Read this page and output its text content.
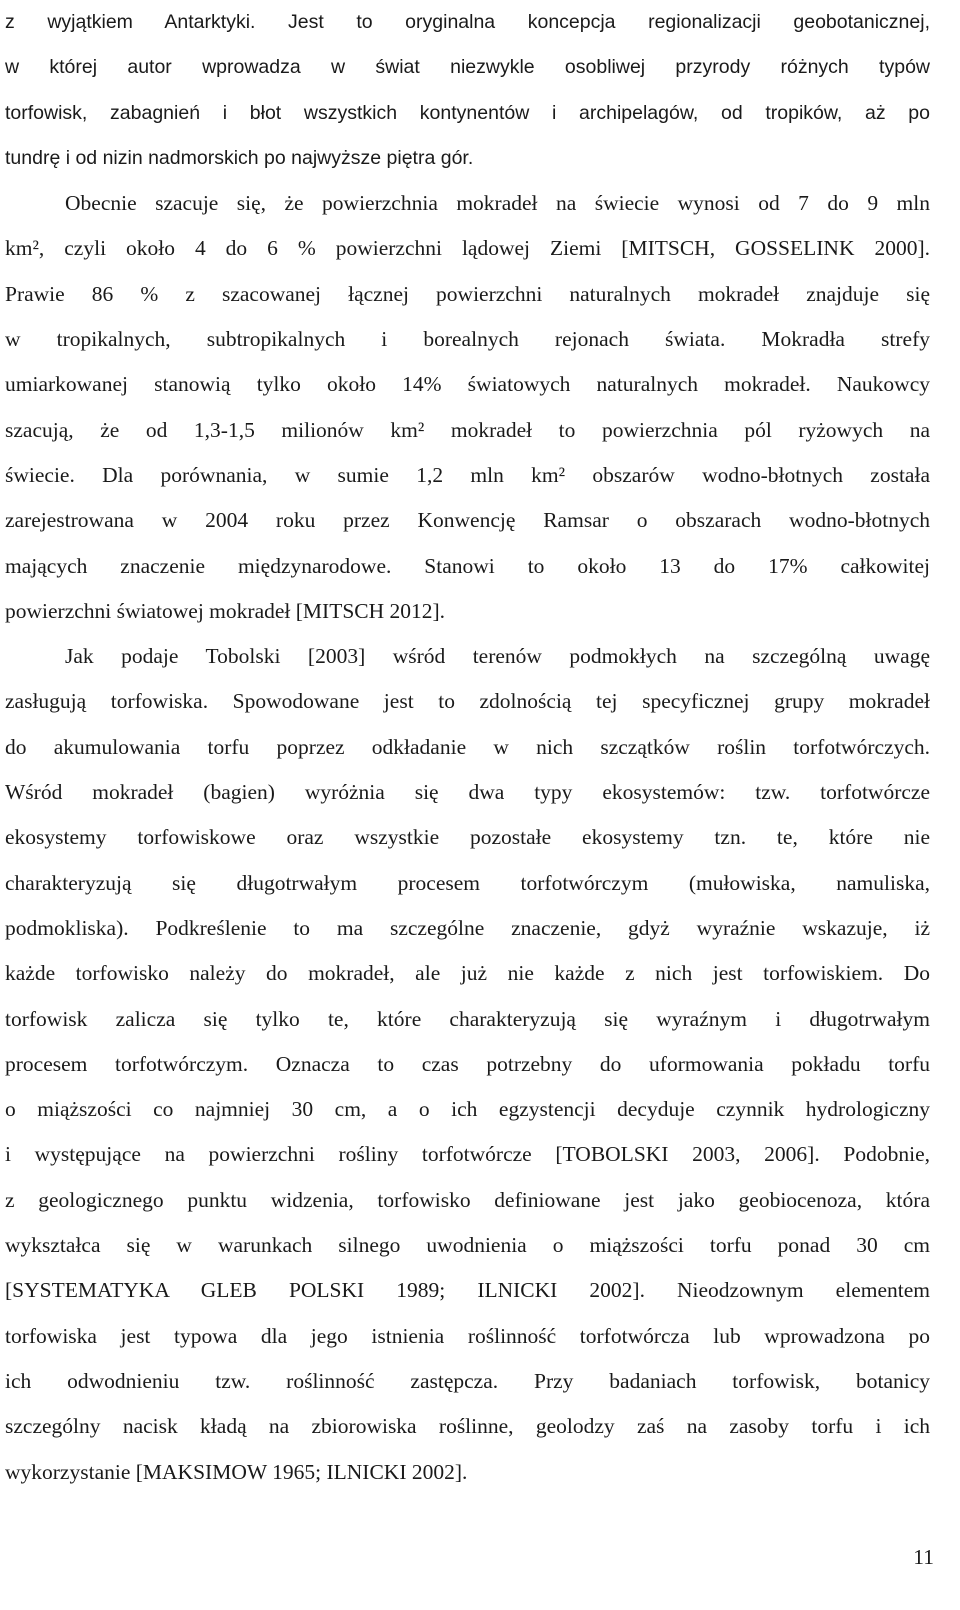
z wyjątkiem Antarktyki. Jest to oryginalna koncepcja regionalizacji geobotanicznej,
w której autor wprowadza w świat niezwykle osobliwej przyrody różnych typów
torfowisk, zabagnień i błot wszystkich kontynentów i archipelagów, od tropików, aż po
tundrę i od nizin nadmorskich po najwyższe piętra gór.
Obecnie szacuje się, że powierzchnia mokradeł na świecie wynosi od 7 do 9 mln
km², czyli około 4 do 6 % powierzchni lądowej Ziemi [MITSCH, GOSSELINK 2000].
Prawie 86 % z szacowanej łącznej powierzchni naturalnych mokradeł znajduje się
w tropikalnych, subtropikalnych i borealnych rejonach świata. Mokradła strefy
umiarkowanej stanowią tylko około 14% światowych naturalnych mokradeł. Naukowcy
szacują, że od 1,3-1,5 milionów km² mokradeł to powierzchnia pól ryżowych na
świecie. Dla porównania, w sumie 1,2 mln km² obszarów wodno-błotnych została
zarejestrowana w 2004 roku przez Konwencję Ramsar o obszarach wodno-błotnych
mających znaczenie międzynarodowe. Stanowi to około 13 do 17% całkowitej
powierzchni światowej mokradeł [MITSCH 2012].
Jak podaje Tobolski [2003] wśród terenów podmokłych na szczególną uwagę
zasługują torfowiska. Spowodowane jest to zdolnością tej specyficznej grupy mokradeł
do akumulowania torfu poprzez odkładanie w nich szczątków roślin torfotwórczych.
Wśród mokradeł (bagien) wyróżnia się dwa typy ekosystemów: tzw. torfotwórcze
ekosystemy torfowiskowe oraz wszystkie pozostałe ekosystemy tzn. te, które nie
charakteryzują się długotrwałym procesem torfotwórczym (mułowiska, namuliska,
podmokliska). Podkreślenie to ma szczególne znaczenie, gdyż wyraźnie wskazuje, iż
każde torfowisko należy do mokradeł, ale już nie każde z nich jest torfowiskiem. Do
torfowisk zalicza się tylko te, które charakteryzują się wyraźnym i długotrwałym
procesem torfotwórczym. Oznacza to czas potrzebny do uformowania pokładu torfu
o miąższości co najmniej 30 cm, a o ich egzystencji decyduje czynnik hydrologiczny
i występujące na powierzchni rośliny torfotwórcze [TOBOLSKI 2003, 2006]. Podobnie,
z geologicznego punktu widzenia, torfowisko definiowane jest jako geobiocenoza, która
wykształca się w warunkach silnego uwodnienia o miąższości torfu ponad 30 cm
[SYSTEMATYKA GLEB POLSKI 1989; ILNICKI 2002]. Nieodzownym elementem
torfowiska jest typowa dla jego istnienia roślinność torfotwórcza lub wprowadzona po
ich odwodnieniu tzw. roślinność zastępcza. Przy badaniach torfowisk, botanicy
szczególny nacisk kładą na zbiorowiska roślinne, geolodzy zaś na zasoby torfu i ich
wykorzystanie [MAKSIMOW 1965; ILNICKI 2002].
11
